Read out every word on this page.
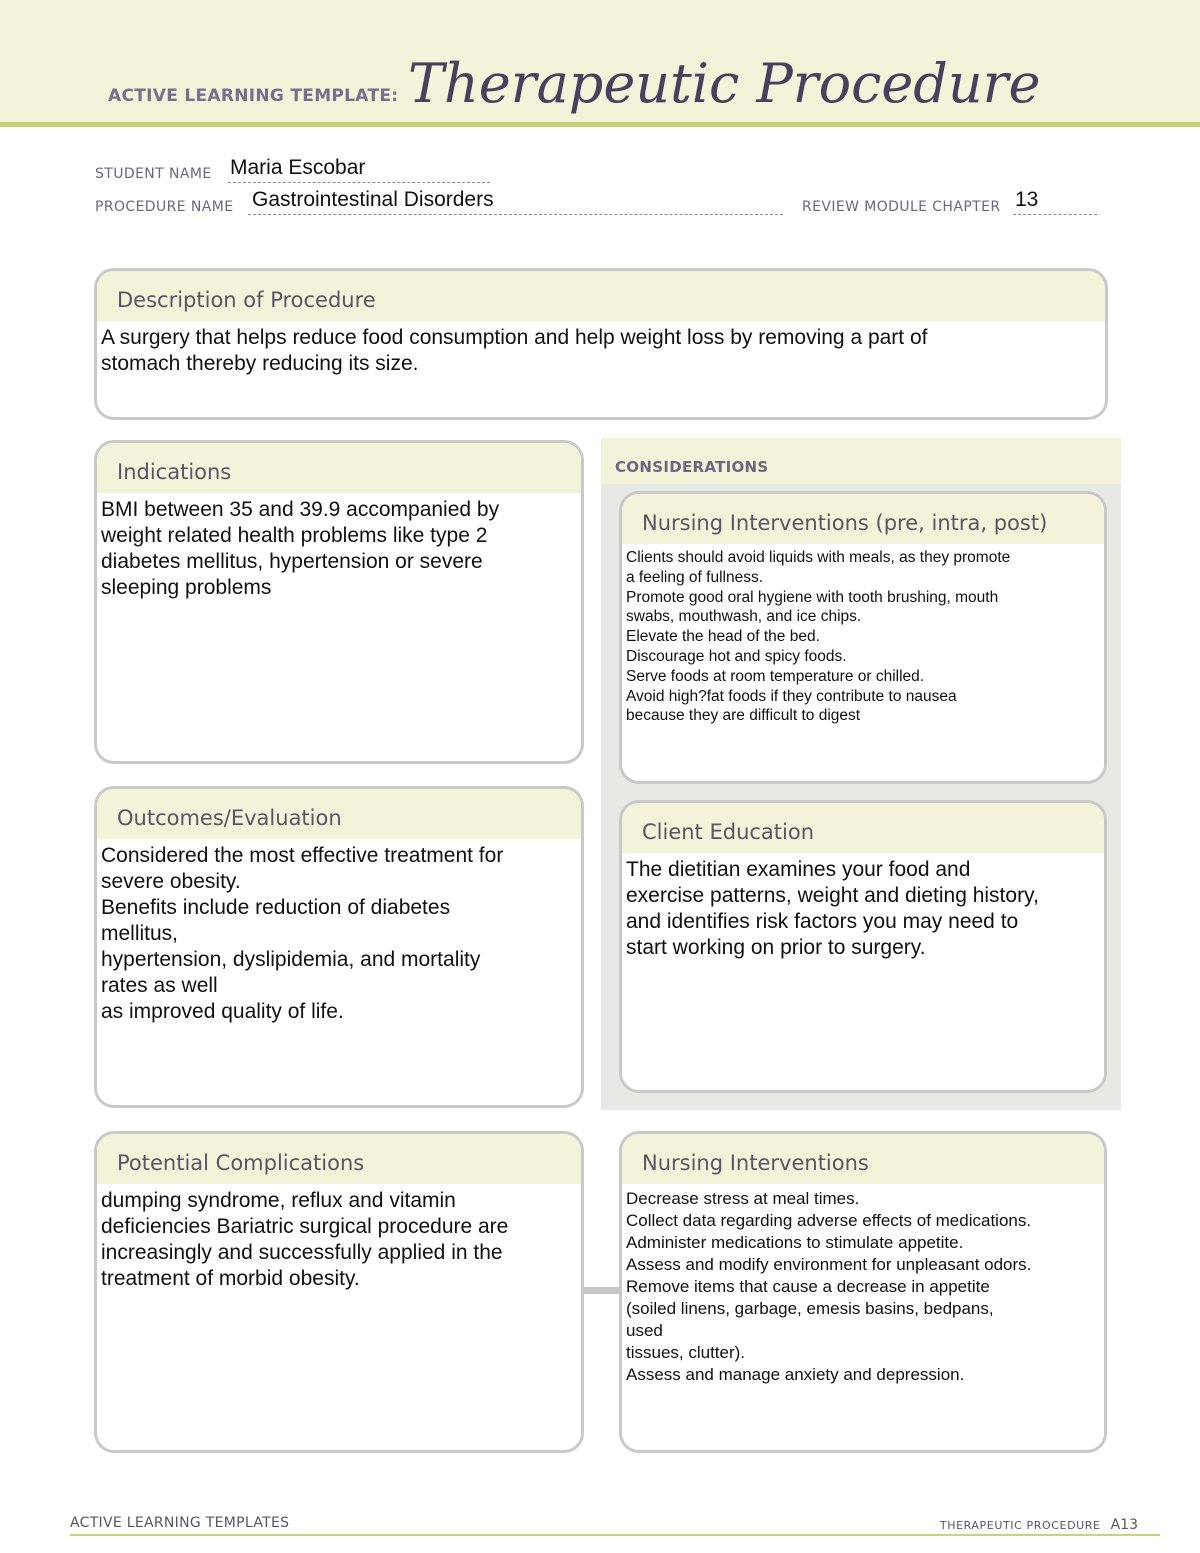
ACTIVE LEARNING TEMPLATE: Therapeutic Procedure
STUDENT NAME Maria Escobar
PROCEDURE NAME Gastrointestinal Disorders	REVIEW MODULE CHAPTER 13
Description of Procedure
A surgery that helps reduce food consumption and help weight loss by removing a part of
stomach thereby reducing its size.
CONSIDERATIONS
Indications
BMI between 35 and 39.9 accompanied by
weight related health problems like type 2
diabetes mellitus, hypertension or severe
sleeping problems
Nursing Interventions (pre, intra, post)
Clients should avoid liquids with meals, as they promote
a feeling of fullness.
Promote good oral hygiene with tooth brushing, mouth
swabs, mouthwash, and ice chips.
Elevate the head of the bed.
Discourage hot and spicy foods.
Serve foods at room temperature or chilled.
Avoid high?fat foods if they contribute to nausea
because they are difficult to digest
Outcomes/Evaluation
Considered the most effective treatment for
severe obesity.
Benefits include reduction of diabetes
mellitus,
hypertension, dyslipidemia, and mortality
rates as well
as improved quality of life.
Client Education
The dietitian examines your food and
exercise patterns, weight and dieting history,
and identifies risk factors you may need to
start working on prior to surgery.
Potential Complications
dumping syndrome, reflux and vitamin
deficiencies Bariatric surgical procedure are
increasingly and successfully applied in the
treatment of morbid obesity.
Nursing Interventions
Decrease stress at meal times.
Collect data regarding adverse effects of medications.
Administer medications to stimulate appetite.
Assess and modify environment for unpleasant odors.
Remove items that cause a decrease in appetite
(soiled linens, garbage, emesis basins, bedpans,
used
tissues, clutter).
Assess and manage anxiety and depression.
ACTIVE LEARNING TEMPLATES	THERAPEUTIC PROCEDURE A13
